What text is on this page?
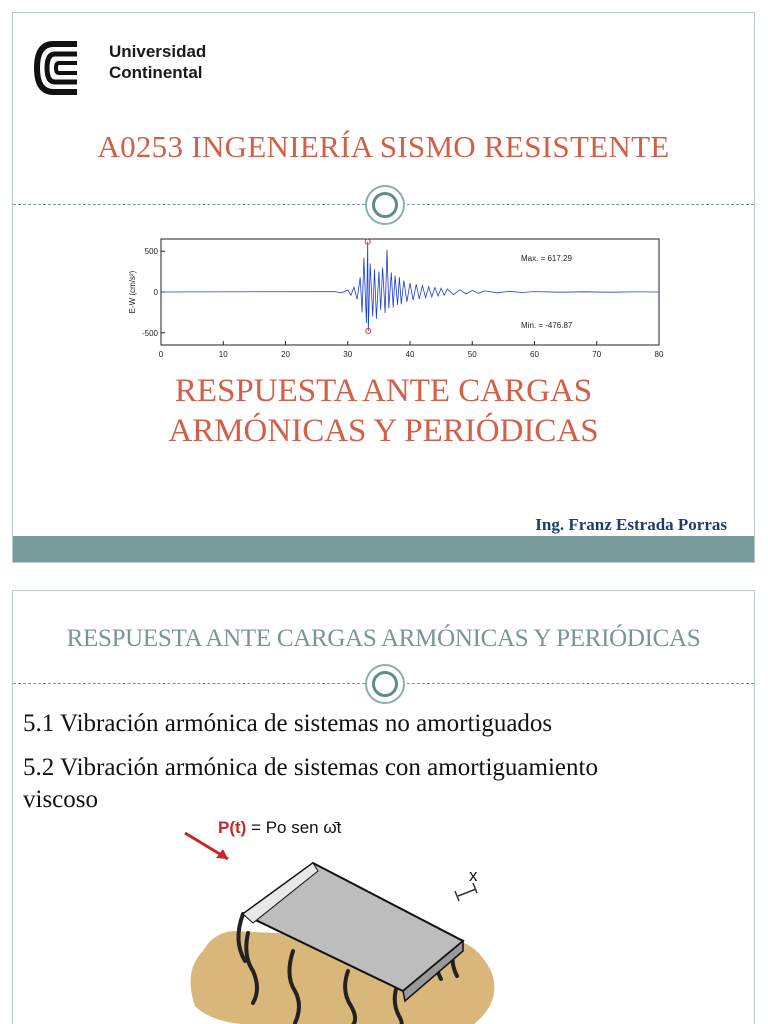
Universidad
Continental
A0253 INGENIERÍA SISMO RESISTENTE
0	10	20	30	40	50	60	70	80
500
0
-500
E-W (cm/s²)
Max. = 617.29
Min. = -476.87
RESPUESTA ANTE CARGAS
ARMÓNICAS Y PERIÓDICAS
Ing. Franz Estrada Porras
RESPUESTA ANTE CARGAS ARMÓNICAS Y PERIÓDICAS
5.1 Vibración armónica de sistemas no amortiguados
5.2 Vibración armónica de sistemas con amortiguamiento
viscoso
x
P(t) = Po sen ω̄t
